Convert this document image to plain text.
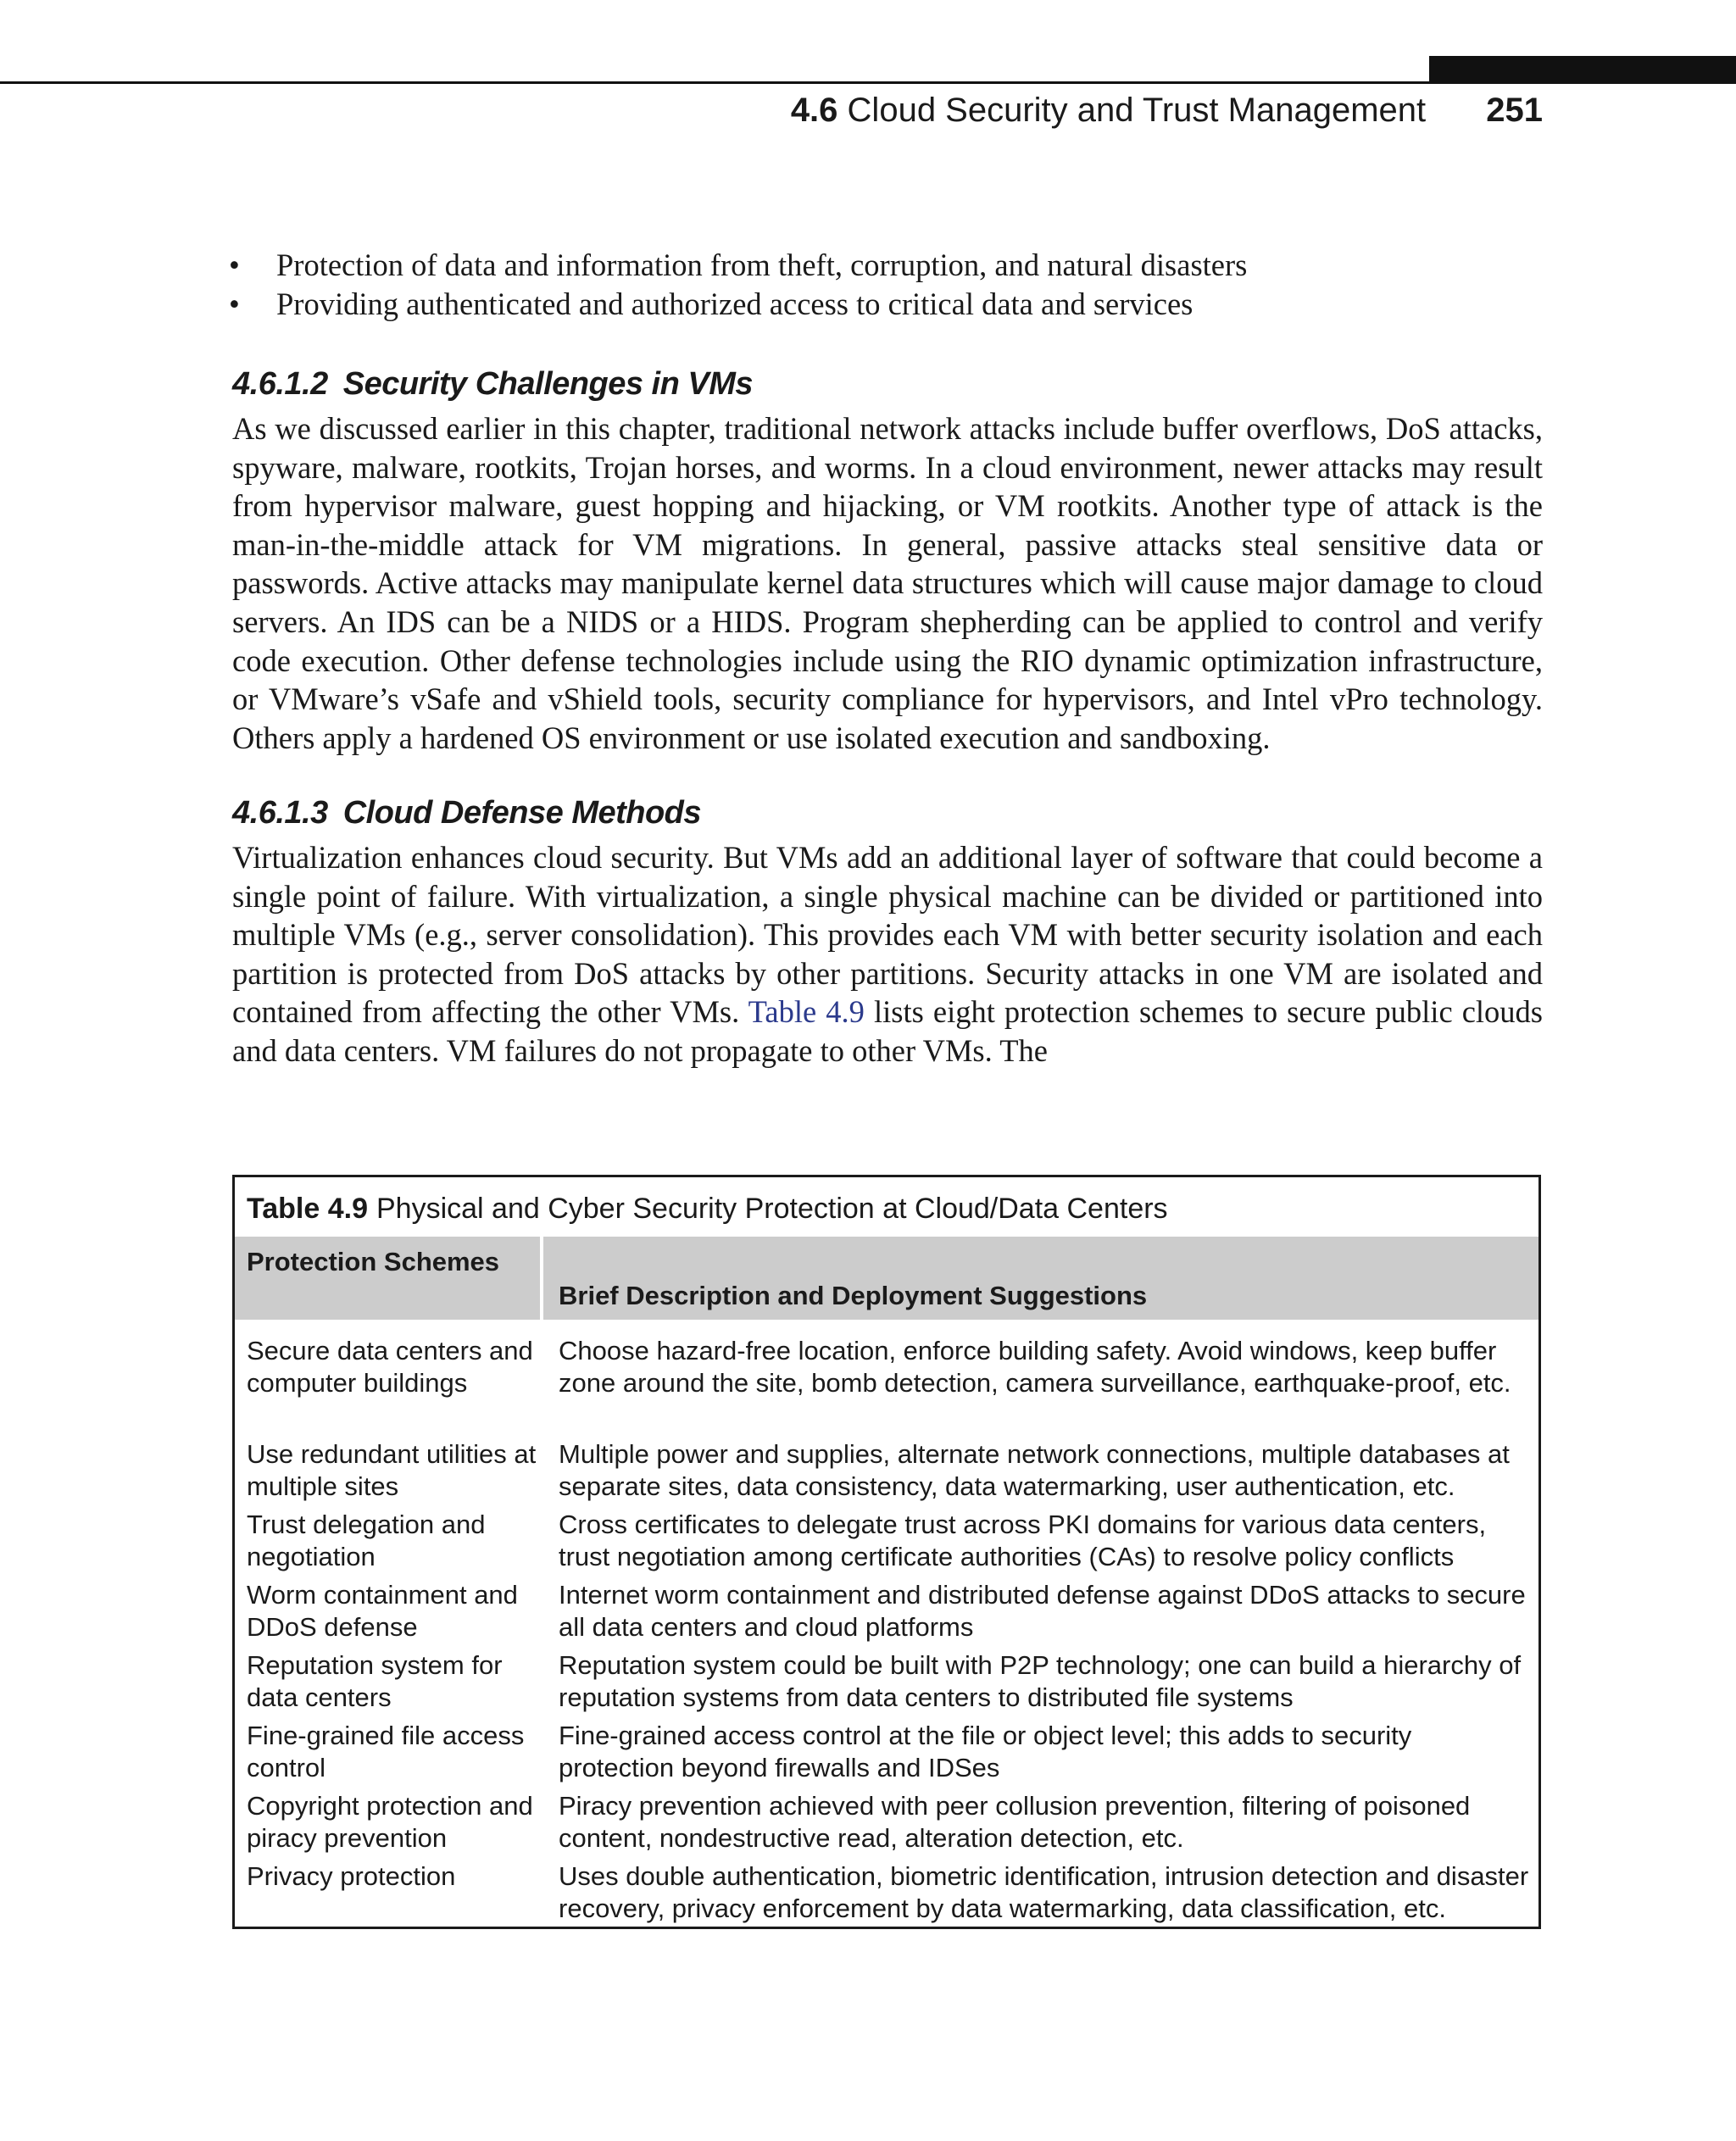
4.6 Cloud Security and Trust Management 251
• Protection of data and information from theft, corruption, and natural disasters
• Providing authenticated and authorized access to critical data and services
4.6.1.2 Security Challenges in VMs
As we discussed earlier in this chapter, traditional network attacks include buffer overflows, DoS attacks, spyware, malware, rootkits, Trojan horses, and worms. In a cloud environment, newer attacks may result from hypervisor malware, guest hopping and hijacking, or VM rootkits. Another type of attack is the man-in-the-middle attack for VM migrations. In general, passive attacks steal sensitive data or passwords. Active attacks may manipulate kernel data structures which will cause major damage to cloud servers. An IDS can be a NIDS or a HIDS. Program shepherding can be applied to control and verify code execution. Other defense technologies include using the RIO dynamic optimization infrastructure, or VMware’s vSafe and vShield tools, security compliance for hypervisors, and Intel vPro technology. Others apply a hardened OS environment or use isolated execution and sandboxing.
4.6.1.3 Cloud Defense Methods
Virtualization enhances cloud security. But VMs add an additional layer of software that could become a single point of failure. With virtualization, a single physical machine can be divided or partitioned into multiple VMs (e.g., server consolidation). This provides each VM with better security isolation and each partition is protected from DoS attacks by other partitions. Security attacks in one VM are isolated and contained from affecting the other VMs. Table 4.9 lists eight protection schemes to secure public clouds and data centers. VM failures do not propagate to other VMs. The
Table 4.9 Physical and Cyber Security Protection at Cloud/Data Centers
Protection Schemes
Brief Description and Deployment Suggestions
Secure data centers and computer buildings
Choose hazard-free location, enforce building safety. Avoid windows, keep buffer zone around the site, bomb detection, camera surveillance, earthquake-proof, etc.
Use redundant utilities at multiple sites
Multiple power and supplies, alternate network connections, multiple databases at separate sites, data consistency, data watermarking, user authentication, etc.
Trust delegation and negotiation
Cross certificates to delegate trust across PKI domains for various data centers, trust negotiation among certificate authorities (CAs) to resolve policy conflicts
Worm containment and DDoS defense
Internet worm containment and distributed defense against DDoS attacks to secure all data centers and cloud platforms
Reputation system for data centers
Reputation system could be built with P2P technology; one can build a hierarchy of reputation systems from data centers to distributed file systems
Fine-grained file access control
Fine-grained access control at the file or object level; this adds to security protection beyond firewalls and IDSes
Copyright protection and piracy prevention
Piracy prevention achieved with peer collusion prevention, filtering of poisoned content, nondestructive read, alteration detection, etc.
Privacy protection	Uses double authentication, biometric identification, intrusion detection and disaster recovery, privacy enforcement by data watermarking, data classification, etc.
